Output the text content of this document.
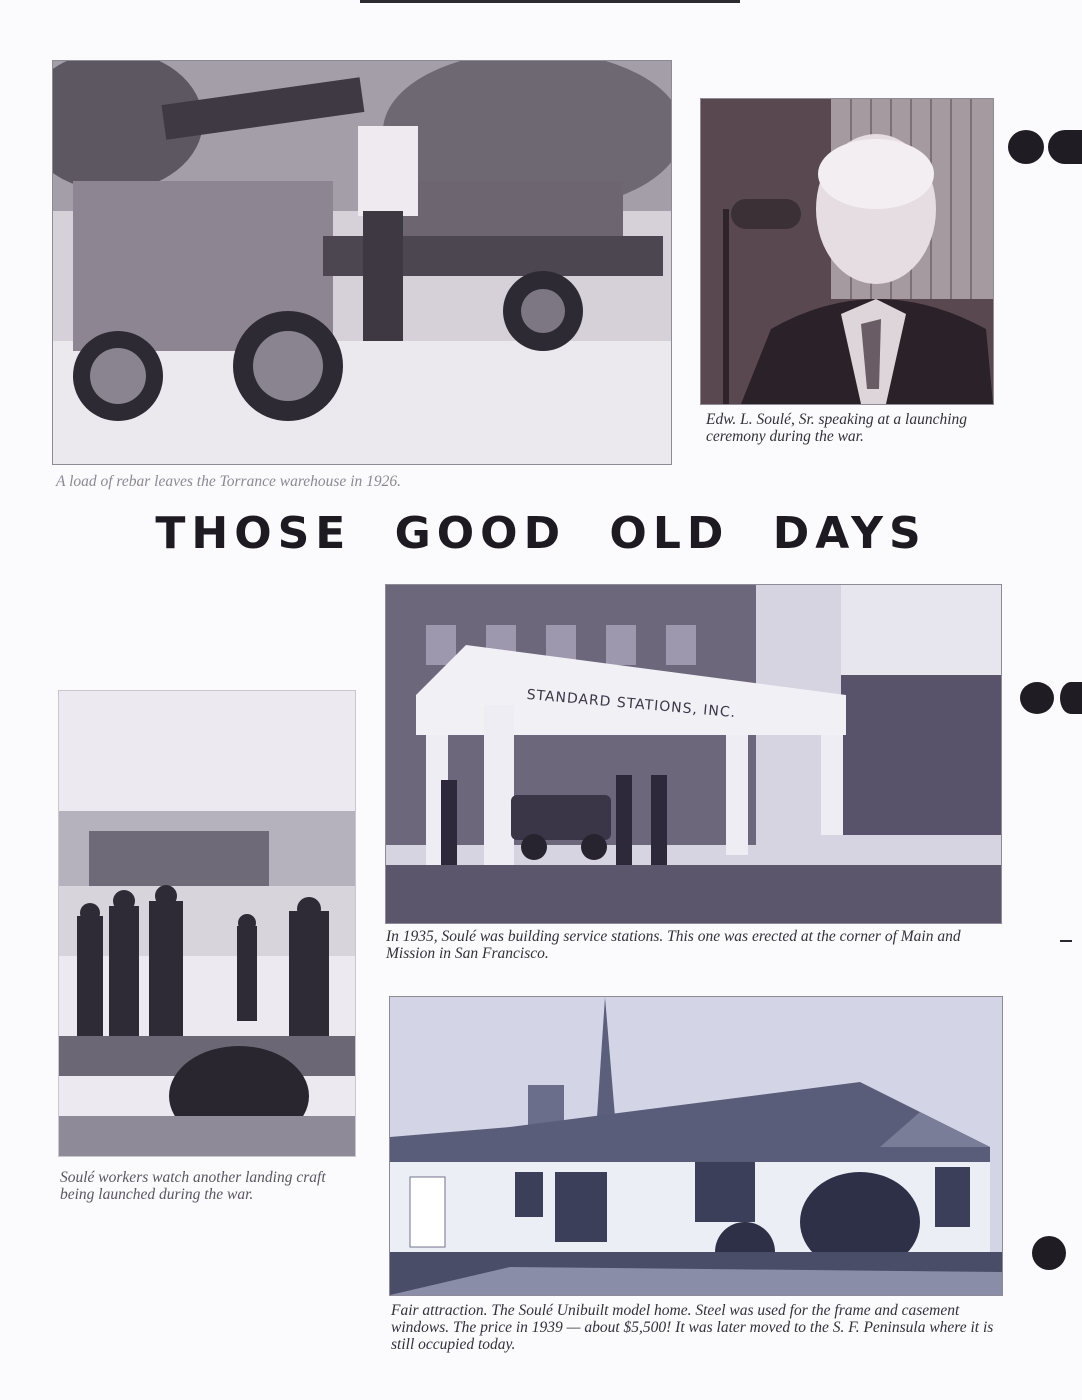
A load of rebar leaves the Torrance warehouse in 1926.
Edw. L. Soulé, Sr. speaking at a launching ceremony during the war.
THOSE GOOD OLD DAYS
STANDARD STATIONS, INC.
In 1935, Soulé was building service stations. This one was erected at the corner of Main and Mission in San Francisco.
Soulé workers watch another landing craft being launched during the war.
Fair attraction. The Soulé Unibuilt model home. Steel was used for the frame and casement windows. The price in 1939 — about $5,500! It was later moved to the S. F. Peninsula where it is still occupied today.
